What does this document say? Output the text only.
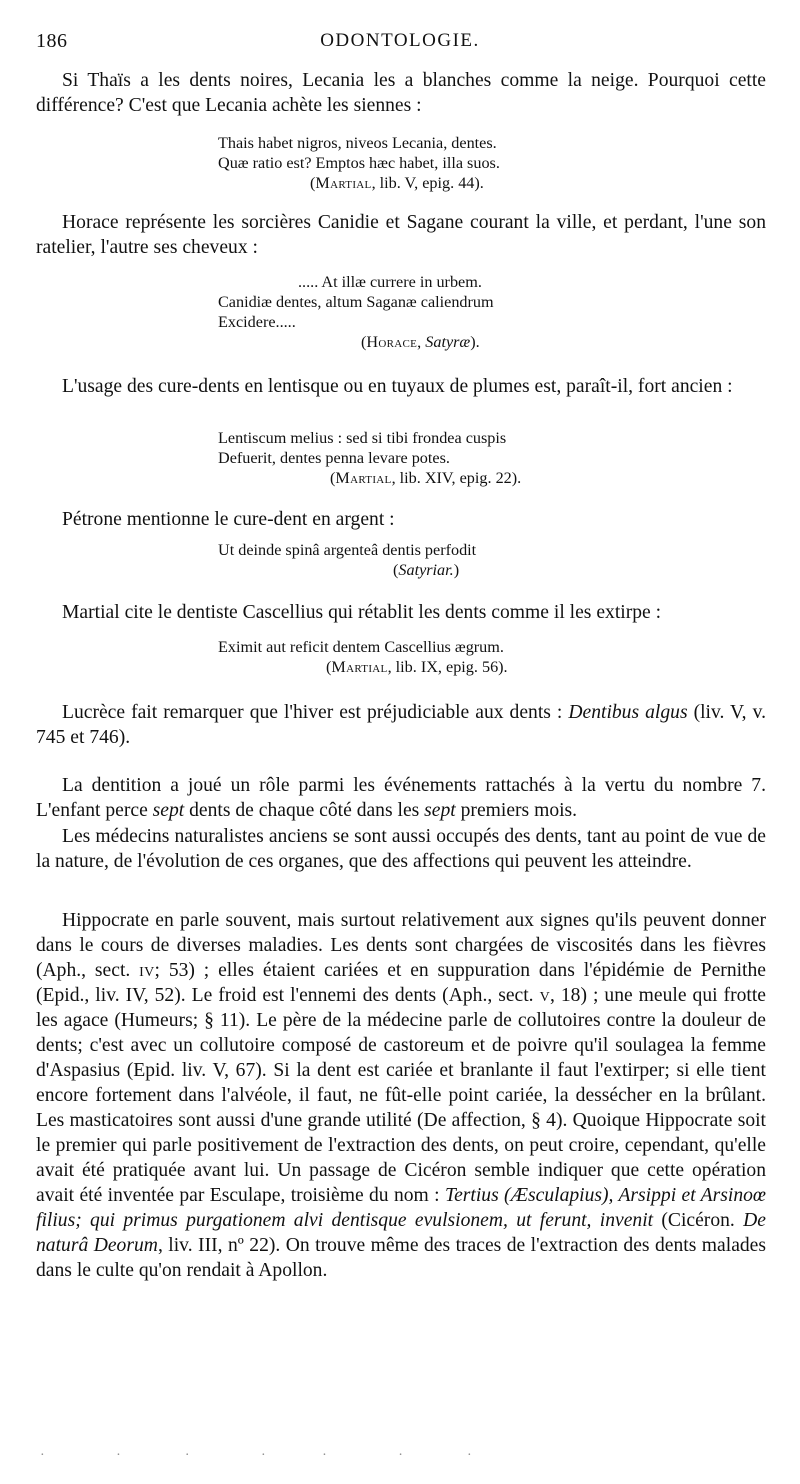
186	ODONTOLOGIE.

Si Thaïs a les dents noires, Lecania les a blanches comme la neige. Pourquoi cette différence? C'est que Lecania achète les siennes :

Thais habet nigros, niveos Lecania, dentes.
Quæ ratio est? Emptos hæc habet, illa suos.
(Martial, lib. V, epig. 44).

Horace représente les sorcières Canidie et Sagane courant la ville, et perdant, l'une son ratelier, l'autre ses cheveux :

..... At illæ currere in urbem.
Canidiæ dentes, altum Saganæ caliendrum
Excidere.....
(Horace, Satyræ).

L'usage des cure-dents en lentisque ou en tuyaux de plumes est, paraît-il, fort ancien :

Lentiscum melius : sed si tibi frondea cuspis
Defuerit, dentes penna levare potes.
(Martial, lib. XIV, epig. 22).

Pétrone mentionne le cure-dent en argent :

Ut deinde spinâ argenteâ dentis perfodit
(Satyriar.)

Martial cite le dentiste Cascellius qui rétablit les dents comme il les extirpe :

Eximit aut reficit dentem Cascellius ægrum.
(Martial, lib. IX, epig. 56).

Lucrèce fait remarquer que l'hiver est préjudiciable aux dents : Dentibus algus (liv. V, v. 745 et 746).

La dentition a joué un rôle parmi les événements rattachés à la vertu du nombre 7. L'enfant perce sept dents de chaque côté dans les sept premiers mois.

Les médecins naturalistes anciens se sont aussi occupés des dents, tant au point de vue de la nature, de l'évolution de ces organes, que des affections qui peuvent les atteindre.

Hippocrate en parle souvent, mais surtout relativement aux signes qu'ils peuvent donner dans le cours de diverses maladies. Les dents sont chargées de viscosités dans les fièvres (Aph., sect. iv; 53) ; elles étaient cariées et en suppuration dans l'épidémie de Pernithe (Epid., liv. IV, 52). Le froid est l'ennemi des dents (Aph., sect. v, 18) ; une meule qui frotte les agace (Humeurs; § 11). Le père de la médecine parle de collutoires contre la douleur de dents; c'est avec un collutoire composé de castoreum et de poivre qu'il soulagea la femme d'Aspasius (Epid. liv. V, 67). Si la dent est cariée et branlante il faut l'extirper; si elle tient encore fortement dans l'alvéole, il faut, ne fût-elle point cariée, la dessécher en la brûlant. Les masticatoires sont aussi d'une grande utilité (De affection, § 4). Quoique Hippocrate soit le premier qui parle positivement de l'extraction des dents, on peut croire, cependant, qu'elle avait été pratiquée avant lui. Un passage de Cicéron semble indiquer que cette opération avait été inventée par Esculape, troisième du nom : Tertius (Æsculapius), Arsippi et Arsinoœ filius; qui primus purgationem alvi dentisque evulsionem, ut ferunt, invenit (Cicéron. De naturâ Deorum, liv. III, nº 22). On trouve même des traces de l'extraction des dents malades dans le culte qu'on rendait à Apollon.

·         ·        ·         ·       ·         ·        ·
